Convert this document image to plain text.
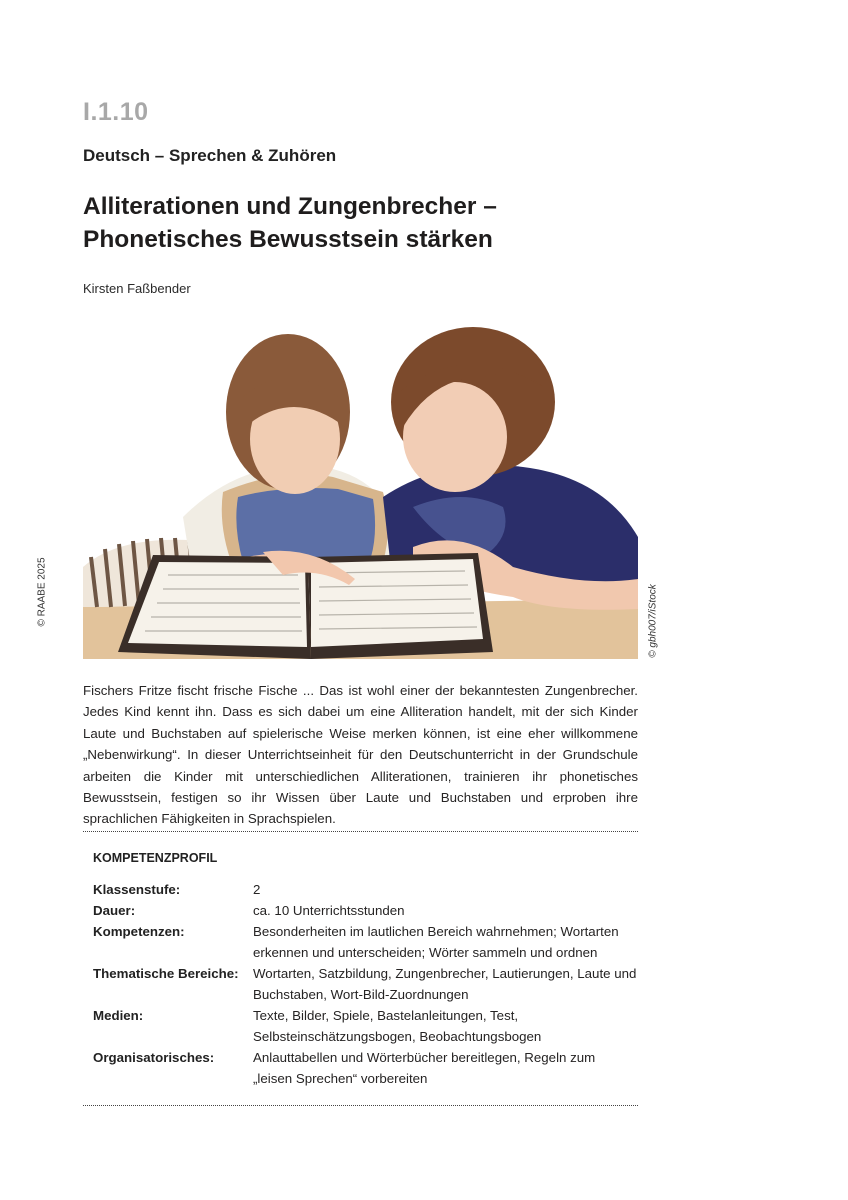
I.1.10
Deutsch – Sprechen & Zuhören
Alliterationen und Zungenbrecher –
Phonetisches Bewusstsein stärken
Kirsten Faßbender
© RAABE 2025	© gbh007/iStock

Fischers Fritze fischt frische Fische ... Das ist wohl einer der bekanntesten Zungenbrecher. Jedes Kind kennt ihn. Dass es sich dabei um eine Alliteration handelt, mit der sich Kinder Laute und Buchstaben auf spielerische Weise merken können, ist eine eher willkommene „Nebenwirkung“. In dieser Unterrichtseinheit für den Deutschunterricht in der Grundschule arbeiten die Kinder mit unterschiedlichen Alliterationen, trainieren ihr phonetisches Bewusstsein, festigen so ihr Wissen über Laute und Buchstaben und erproben ihre sprachlichen Fähigkeiten in Sprachspielen.

KOMPETENZPROFIL
Klassenstufe:	2
Dauer:	ca. 10 Unterrichtsstunden
Kompetenzen:	Besonderheiten im lautlichen Bereich wahrnehmen; Wortarten erkennen und unterscheiden; Wörter sammeln und ordnen
Thematische Bereiche:	Wortarten, Satzbildung, Zungenbrecher, Lautierungen, Laute und Buchstaben, Wort-Bild-Zuordnungen
Medien:	Texte, Bilder, Spiele, Bastelanleitungen, Test, Selbsteinschätzungsbogen, Beobachtungsbogen
Organisatorisches:	Anlauttabellen und Wörterbücher bereitlegen, Regeln zum „leisen Sprechen“ vorbereiten
